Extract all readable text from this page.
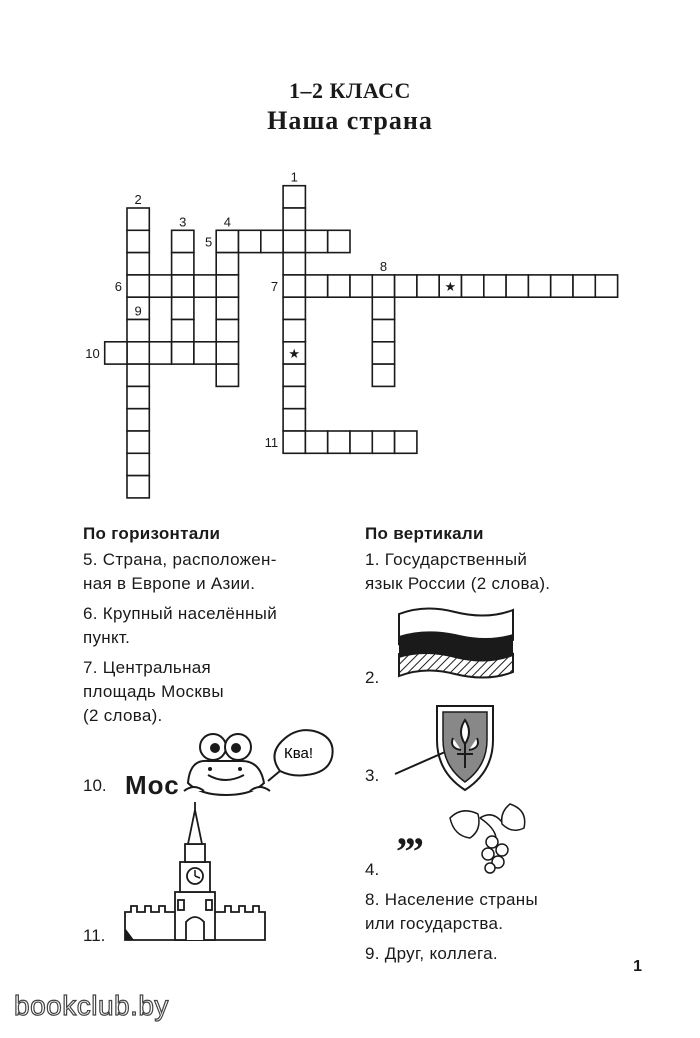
1–2 КЛАСС
Наша страна
1
2
3	4
5
6	7
8
9
10
11
★
★
По горизонтали
5. Страна, расположен-
ная в Европе и Азии.
6. Крупный населённый
пункт.
7. Центральная
площадь Москвы
(2 слова).
10. Мос
Ква!
11.
По вертикали
1. Государственный
язык России (2 слова).
2.
3.
’’’
4.
8. Население страны
или государства.
9. Друг, коллега.
1
bookclub.by
